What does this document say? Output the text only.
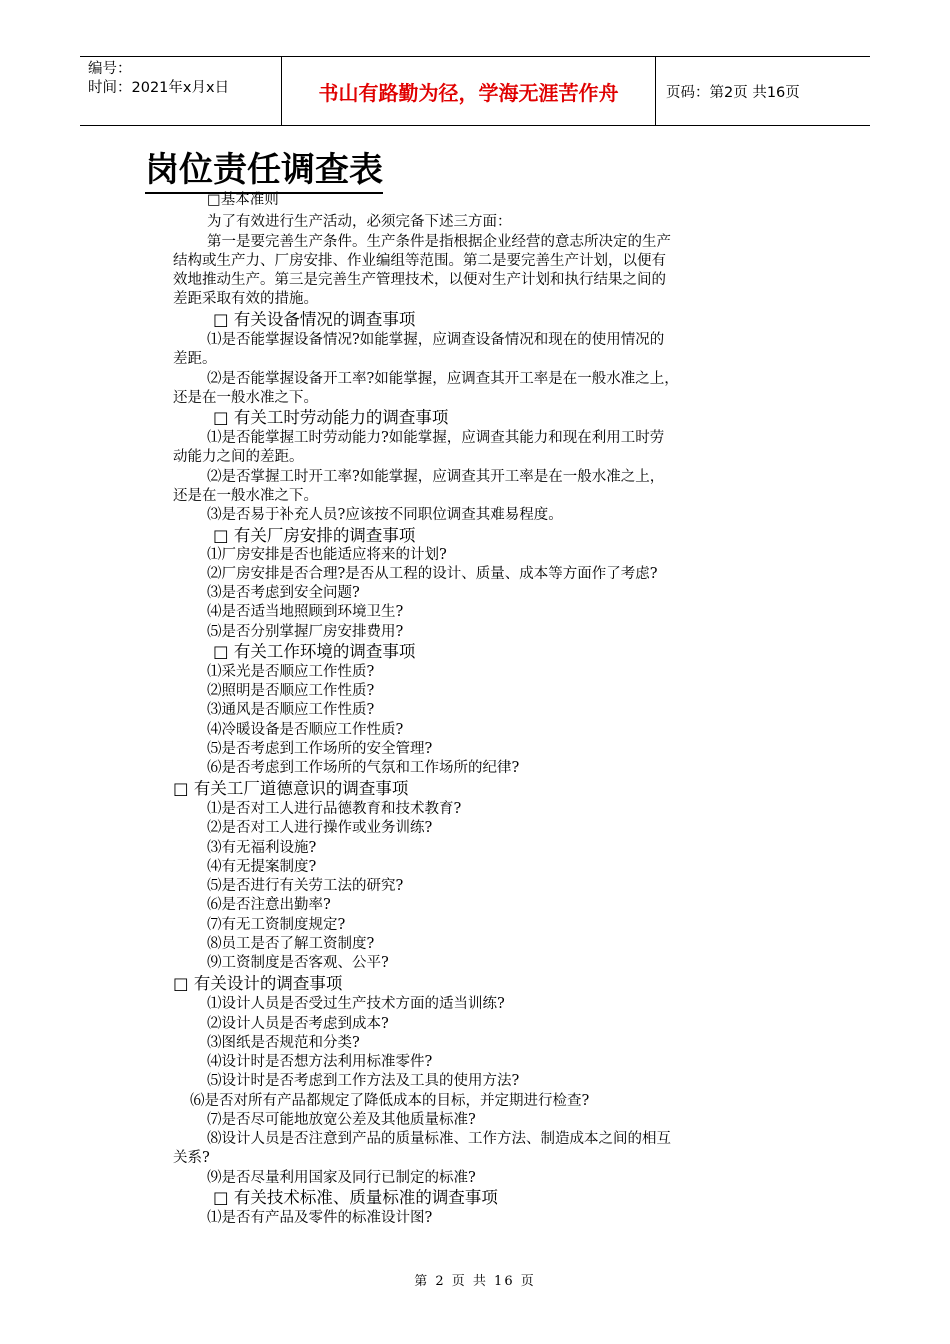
编号：
时间：2021年x月x日	书山有路勤为径，学海无涯苦作舟	页码：第2页 共16页
岗位责任调查表
□基本准则
为了有效进行生产活动，必须完备下述三方面：
第一是要完善生产条件。生产条件是指根据企业经营的意志所决定的生产
结构或生产力、厂房安排、作业编组等范围。第二是要完善生产计划，以便有
效地推动生产。第三是完善生产管理技术，以便对生产计划和执行结果之间的
差距采取有效的措施。
□ 有关设备情况的调查事项
⑴是否能掌握设备情况?如能掌握，应调查设备情况和现在的使用情况的
差距。
⑵是否能掌握设备开工率?如能掌握，应调查其开工率是在一般水准之上，
还是在一般水准之下。
□ 有关工时劳动能力的调查事项
⑴是否能掌握工时劳动能力?如能掌握，应调查其能力和现在利用工时劳
动能力之间的差距。
⑵是否掌握工时开工率?如能掌握，应调查其开工率是在一般水准之上，
还是在一般水准之下。
⑶是否易于补充人员?应该按不同职位调查其难易程度。
□ 有关厂房安排的调查事项
⑴厂房安排是否也能适应将来的计划?
⑵厂房安排是否合理?是否从工程的设计、质量、成本等方面作了考虑?
⑶是否考虑到安全问题?
⑷是否适当地照顾到环境卫生?
⑸是否分别掌握厂房安排费用?
□ 有关工作环境的调查事项
⑴采光是否顺应工作性质?
⑵照明是否顺应工作性质?
⑶通风是否顺应工作性质?
⑷冷暖设备是否顺应工作性质?
⑸是否考虑到工作场所的安全管理?
⑹是否考虑到工作场所的气氛和工作场所的纪律?
□ 有关工厂道德意识的调查事项
⑴是否对工人进行品德教育和技术教育?
⑵是否对工人进行操作或业务训练?
⑶有无福利设施?
⑷有无提案制度?
⑸是否进行有关劳工法的研究?
⑹是否注意出勤率?
⑺有无工资制度规定?
⑻员工是否了解工资制度?
⑼工资制度是否客观、公平?
□ 有关设计的调查事项
⑴设计人员是否受过生产技术方面的适当训练?
⑵设计人员是否考虑到成本?
⑶图纸是否规范和分类?
⑷设计时是否想方法利用标准零件?
⑸设计时是否考虑到工作方法及工具的使用方法?
⑹是否对所有产品都规定了降低成本的目标，并定期进行检查?
⑺是否尽可能地放宽公差及其他质量标准?
⑻设计人员是否注意到产品的质量标准、工作方法、制造成本之间的相互
关系?
⑼是否尽量利用国家及同行已制定的标准?
□ 有关技术标准、质量标准的调查事项
⑴是否有产品及零件的标准设计图?
第 2 页 共 16 页
